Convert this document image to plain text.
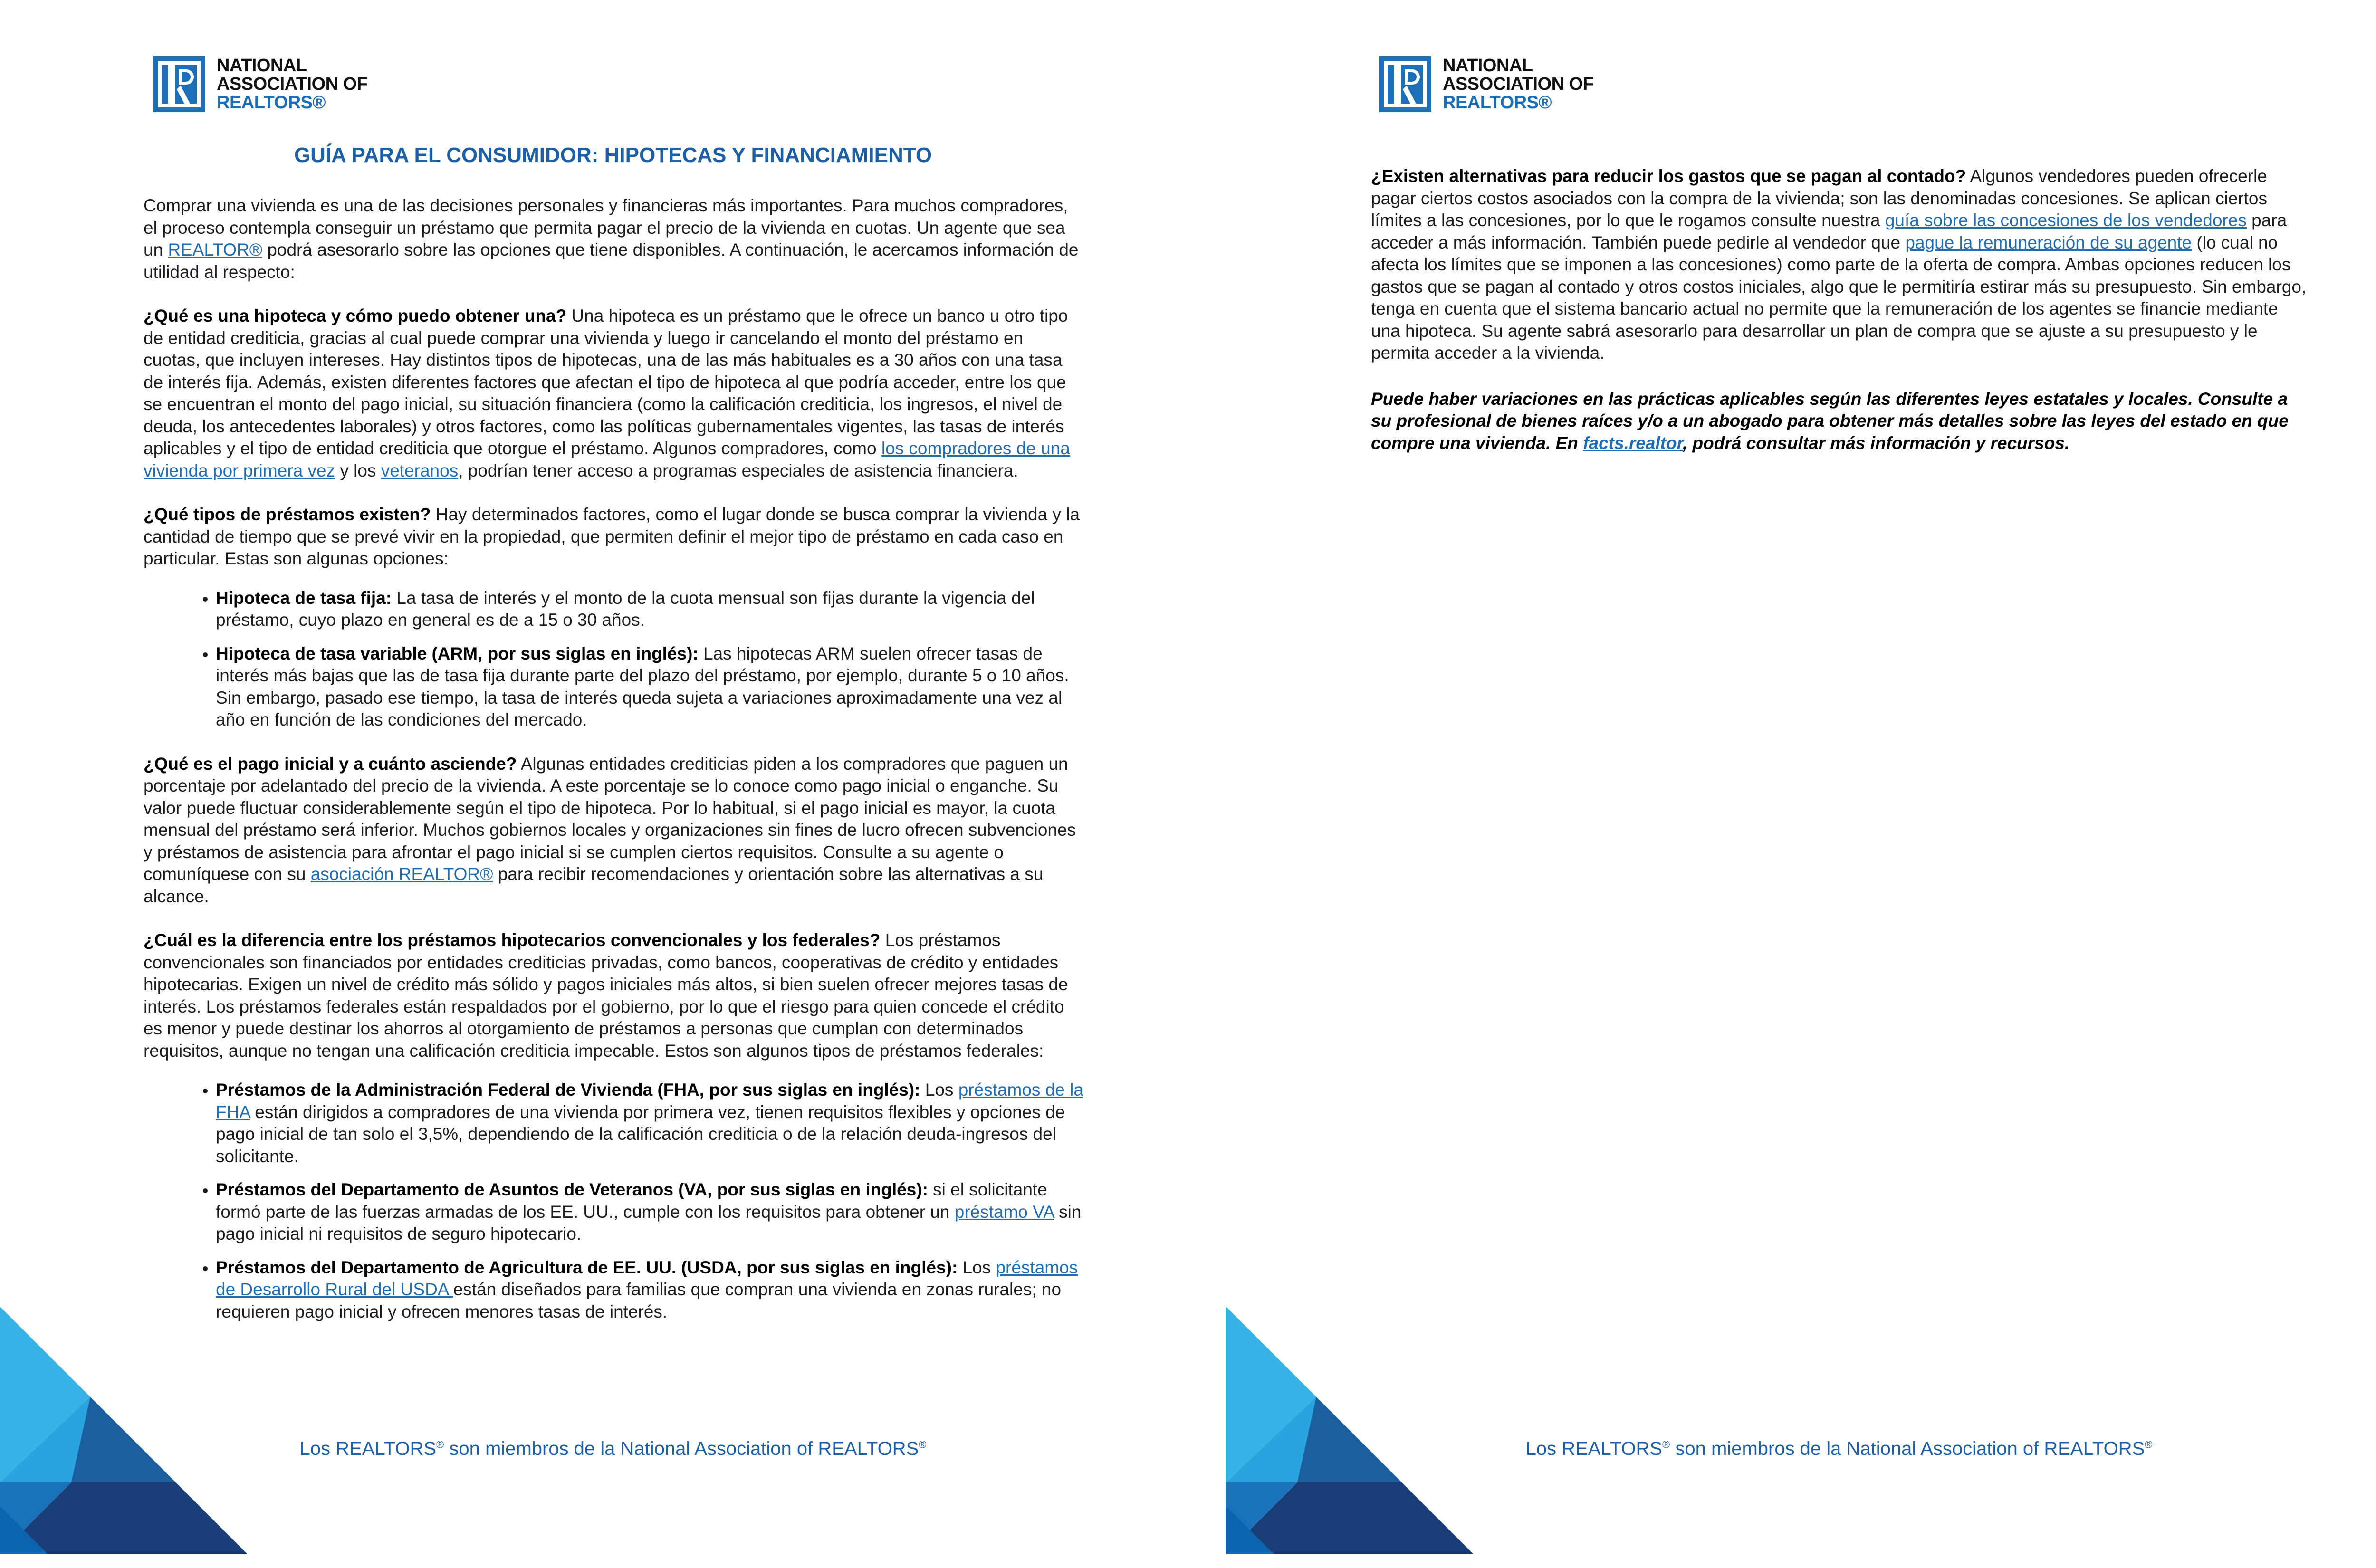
NATIONAL
ASSOCIATION OF
REALTORS®
GUÍA PARA EL CONSUMIDOR: HIPOTECAS Y FINANCIAMIENTO

Comprar una vivienda es una de las decisiones personales y financieras más importantes. Para muchos compradores, el proceso contempla conseguir un préstamo que permita pagar el precio de la vivienda en cuotas. Un agente que sea un REALTOR® podrá asesorarlo sobre las opciones que tiene disponibles. A continuación, le acercamos información de utilidad al respecto:

¿Qué es una hipoteca y cómo puedo obtener una? Una hipoteca es un préstamo que le ofrece un banco u otro tipo de entidad crediticia, gracias al cual puede comprar una vivienda y luego ir cancelando el monto del préstamo en cuotas, que incluyen intereses. Hay distintos tipos de hipotecas, una de las más habituales es a 30 años con una tasa de interés fija. Además, existen diferentes factores que afectan el tipo de hipoteca al que podría acceder, entre los que se encuentran el monto del pago inicial, su situación financiera (como la calificación crediticia, los ingresos, el nivel de deuda, los antecedentes laborales) y otros factores, como las políticas gubernamentales vigentes, las tasas de interés aplicables y el tipo de entidad crediticia que otorgue el préstamo. Algunos compradores, como los compradores de una vivienda por primera vez y los veteranos, podrían tener acceso a programas especiales de asistencia financiera.

¿Qué tipos de préstamos existen? Hay determinados factores, como el lugar donde se busca comprar la vivienda y la cantidad de tiempo que se prevé vivir en la propiedad, que permiten definir el mejor tipo de préstamo en cada caso en particular. Estas son algunas opciones:

• Hipoteca de tasa fija: La tasa de interés y el monto de la cuota mensual son fijas durante la vigencia del préstamo, cuyo plazo en general es de a 15 o 30 años.
• Hipoteca de tasa variable (ARM, por sus siglas en inglés): Las hipotecas ARM suelen ofrecer tasas de interés más bajas que las de tasa fija durante parte del plazo del préstamo, por ejemplo, durante 5 o 10 años. Sin embargo, pasado ese tiempo, la tasa de interés queda sujeta a variaciones aproximadamente una vez al año en función de las condiciones del mercado.

¿Qué es el pago inicial y a cuánto asciende? Algunas entidades crediticias piden a los compradores que paguen un porcentaje por adelantado del precio de la vivienda. A este porcentaje se lo conoce como pago inicial o enganche. Su valor puede fluctuar considerablemente según el tipo de hipoteca. Por lo habitual, si el pago inicial es mayor, la cuota mensual del préstamo será inferior. Muchos gobiernos locales y organizaciones sin fines de lucro ofrecen subvenciones y préstamos de asistencia para afrontar el pago inicial si se cumplen ciertos requisitos. Consulte a su agente o comuníquese con su asociación REALTOR® para recibir recomendaciones y orientación sobre las alternativas a su alcance.

¿Cuál es la diferencia entre los préstamos hipotecarios convencionales y los federales? Los préstamos convencionales son financiados por entidades crediticias privadas, como bancos, cooperativas de crédito y entidades hipotecarias. Exigen un nivel de crédito más sólido y pagos iniciales más altos, si bien suelen ofrecer mejores tasas de interés. Los préstamos federales están respaldados por el gobierno, por lo que el riesgo para quien concede el crédito es menor y puede destinar los ahorros al otorgamiento de préstamos a personas que cumplan con determinados requisitos, aunque no tengan una calificación crediticia impecable. Estos son algunos tipos de préstamos federales:

• Préstamos de la Administración Federal de Vivienda (FHA, por sus siglas en inglés): Los préstamos de la FHA están dirigidos a compradores de una vivienda por primera vez, tienen requisitos flexibles y opciones de pago inicial de tan solo el 3,5%, dependiendo de la calificación crediticia o de la relación deuda-ingresos del solicitante.
• Préstamos del Departamento de Asuntos de Veteranos (VA, por sus siglas en inglés): si el solicitante formó parte de las fuerzas armadas de los EE. UU., cumple con los requisitos para obtener un préstamo VA sin pago inicial ni requisitos de seguro hipotecario.
• Préstamos del Departamento de Agricultura de EE. UU. (USDA, por sus siglas en inglés): Los préstamos de Desarrollo Rural del USDA están diseñados para familias que compran una vivienda en zonas rurales; no requieren pago inicial y ofrecen menores tasas de interés.
Los REALTORS® son miembros de la National Association of REALTORS®
NATIONAL
ASSOCIATION OF
REALTORS®

¿Existen alternativas para reducir los gastos que se pagan al contado? Algunos vendedores pueden ofrecerle pagar ciertos costos asociados con la compra de la vivienda; son las denominadas concesiones. Se aplican ciertos límites a las concesiones, por lo que le rogamos consulte nuestra guía sobre las concesiones de los vendedores para acceder a más información. También puede pedirle al vendedor que pague la remuneración de su agente (lo cual no afecta los límites que se imponen a las concesiones) como parte de la oferta de compra. Ambas opciones reducen los gastos que se pagan al contado y otros costos iniciales, algo que le permitiría estirar más su presupuesto. Sin embargo, tenga en cuenta que el sistema bancario actual no permite que la remuneración de los agentes se financie mediante una hipoteca. Su agente sabrá asesorarlo para desarrollar un plan de compra que se ajuste a su presupuesto y le permita acceder a la vivienda.

Puede haber variaciones en las prácticas aplicables según las diferentes leyes estatales y locales. Consulte a su profesional de bienes raíces y/o a un abogado para obtener más detalles sobre las leyes del estado en que compre una vivienda. En facts.realtor, podrá consultar más información y recursos.

Los REALTORS® son miembros de la National Association of REALTORS®
